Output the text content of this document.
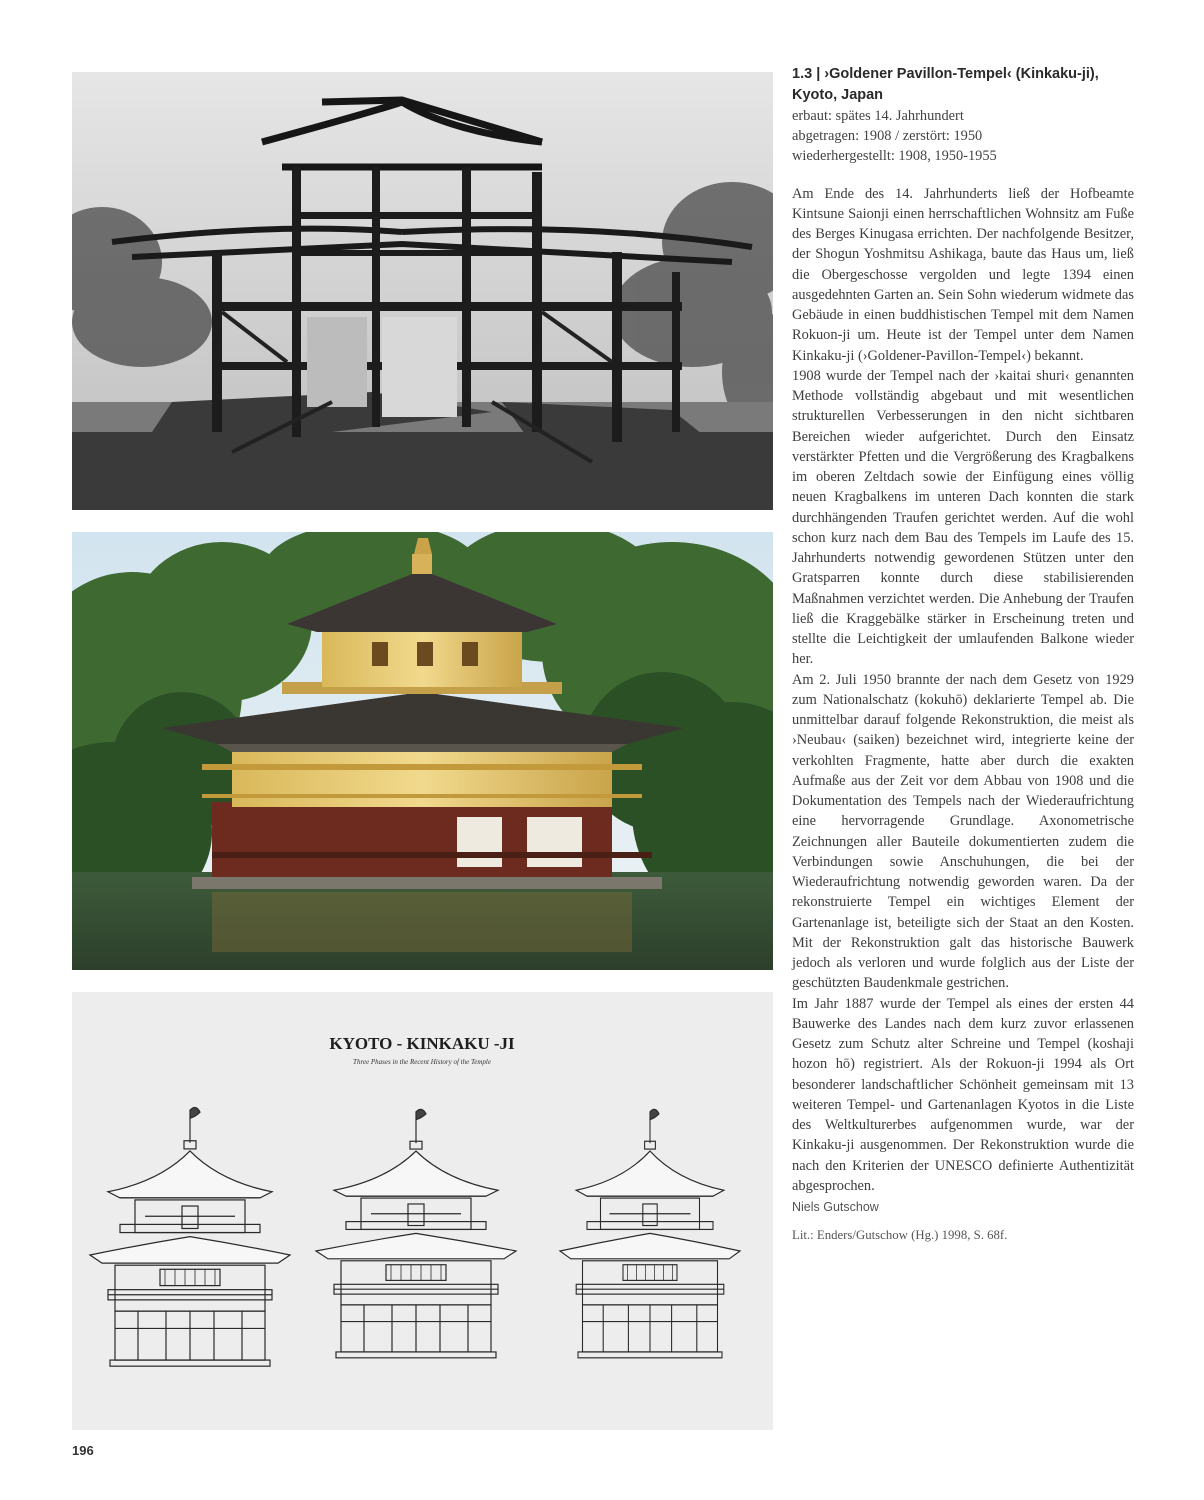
KYOTO - KINKAKU -JI
Three Phases in the Recent History of the Temple
1.3 | ›Goldener Pavillon-Tempel‹ (Kinkaku-ji),
Kyoto, Japan
erbaut: spätes 14. Jahrhundert
abgetragen: 1908 / zerstört: 1950
wiederhergestellt: 1908, 1950-1955

Am Ende des 14. Jahrhunderts ließ der Hofbeamte Kintsune Saionji einen herrschaftlichen Wohnsitz am Fuße des Berges Kinugasa errichten. Der nachfolgende Besitzer, der Shogun Yoshmitsu Ashikaga, baute das Haus um, ließ die Obergeschosse vergolden und legte 1394 einen ausgedehnten Garten an. Sein Sohn wiederum widmete das Gebäude in einen buddhistischen Tempel mit dem Namen Rokuon-ji um. Heute ist der Tempel unter dem Namen Kinkaku-ji (›Goldener-Pavillon-Tempel‹) bekannt.

1908 wurde der Tempel nach der ›kaitai shuri‹ genannten Methode vollständig abgebaut und mit wesentlichen strukturellen Verbesserungen in den nicht sichtbaren Bereichen wieder aufgerichtet. Durch den Einsatz verstärkter Pfetten und die Vergrößerung des Kragbalkens im oberen Zeltdach sowie der Einfügung eines völlig neuen Kragbalkens im unteren Dach konnten die stark durchhängenden Traufen gerichtet werden. Auf die wohl schon kurz nach dem Bau des Tempels im Laufe des 15. Jahrhunderts notwendig gewordenen Stützen unter den Gratsparren konnte durch diese stabilisierenden Maßnahmen verzichtet werden. Die Anhebung der Traufen ließ die Kraggebälke stärker in Erscheinung treten und stellte die Leichtigkeit der umlaufenden Balkone wieder her.

Am 2. Juli 1950 brannte der nach dem Gesetz von 1929 zum Nationalschatz (kokuhō) deklarierte Tempel ab. Die unmittelbar darauf folgende Rekonstruktion, die meist als ›Neubau‹ (saiken) bezeichnet wird, integrierte keine der verkohlten Fragmente, hatte aber durch die exakten Aufmaße aus der Zeit vor dem Abbau von 1908 und die Dokumentation des Tempels nach der Wiederaufrichtung eine hervorragende Grundlage. Axonometrische Zeichnungen aller Bauteile dokumentierten zudem die Verbindungen sowie Anschuhungen, die bei der Wiederaufrichtung notwendig geworden waren. Da der rekonstruierte Tempel ein wichtiges Element der Gartenanlage ist, beteiligte sich der Staat an den Kosten. Mit der Rekonstruktion galt das historische Bauwerk jedoch als verloren und wurde folglich aus der Liste der geschützten Baudenkmale gestrichen.

Im Jahr 1887 wurde der Tempel als eines der ersten 44 Bauwerke des Landes nach dem kurz zuvor erlassenen Gesetz zum Schutz alter Schreine und Tempel (koshaji hozon hō) registriert. Als der Rokuon-ji 1994 als Ort besonderer landschaftlicher Schönheit gemeinsam mit 13 weiteren Tempel- und Gartenanlagen Kyotos in die Liste des Weltkulturerbes aufgenommen wurde, war der Kinkaku-ji ausgenommen. Der Rekonstruktion wurde die nach den Kriterien der UNESCO definierte Authentizität abgesprochen.

Niels Gutschow
Lit.: Enders/Gutschow (Hg.) 1998, S. 68f.
196
